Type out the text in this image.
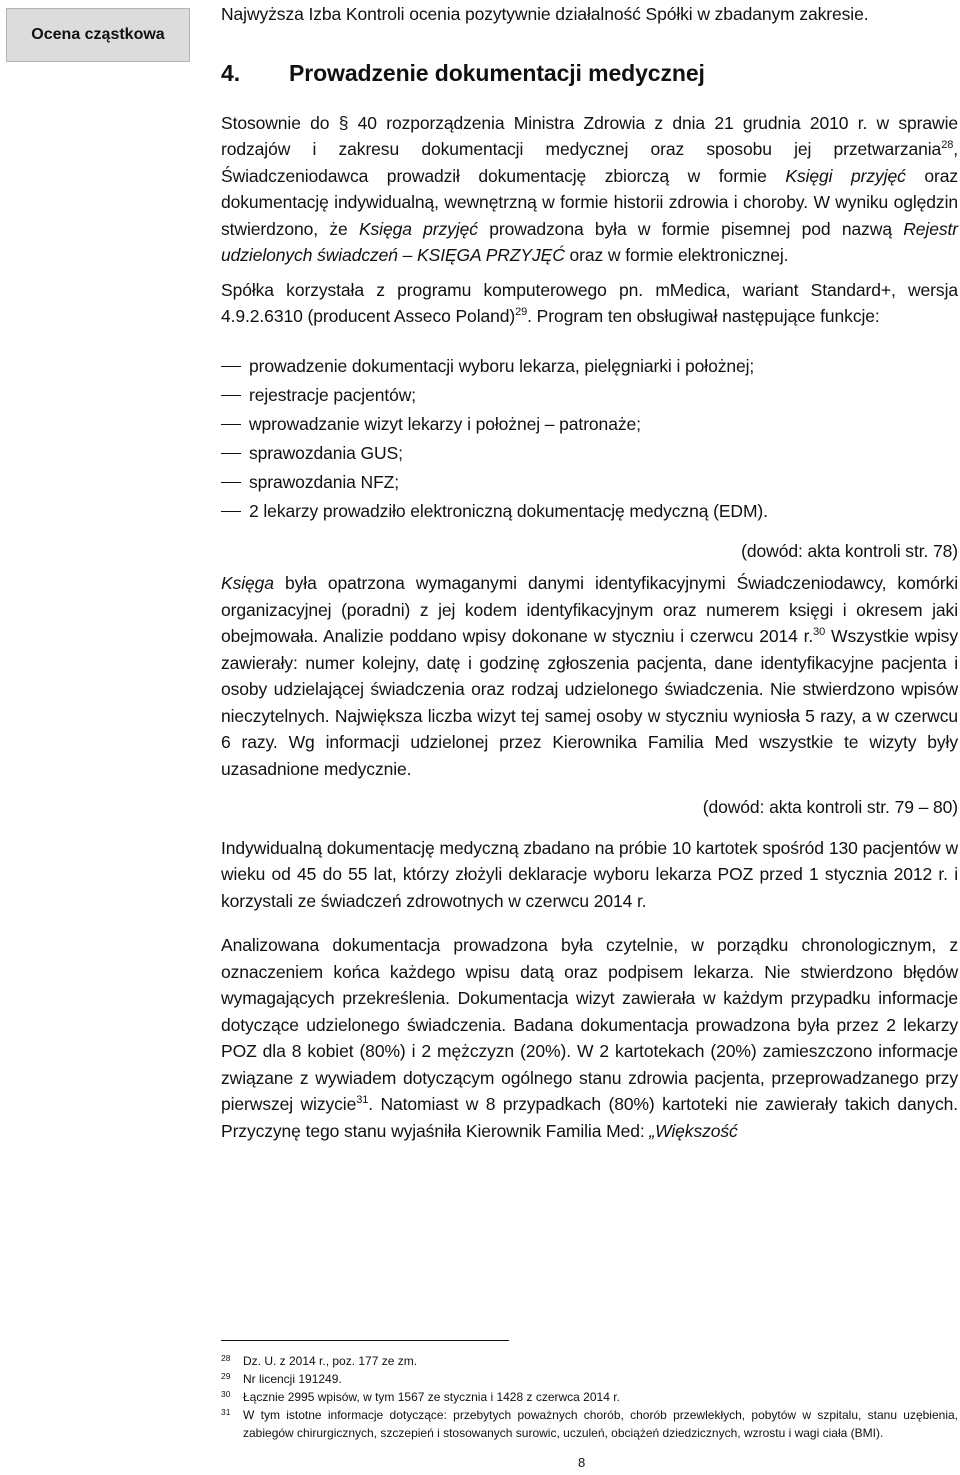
Ocena cząstkowa

Najwyższa Izba Kontroli ocenia pozytywnie działalność Spółki w zbadanym zakresie.

4. Prowadzenie dokumentacji medycznej

Stosownie do § 40 rozporządzenia Ministra Zdrowia z dnia 21 grudnia 2010 r. w sprawie rodzajów i zakresu dokumentacji medycznej oraz sposobu jej przetwarzania$^{28}$, Świadczeniodawca prowadził dokumentację zbiorczą w formie Księgi przyjęć oraz dokumentację indywidualną, wewnętrzną w formie historii zdrowia i choroby. W wyniku oględzin stwierdzono, że Księga przyjęć prowadzona była w formie pisemnej pod nazwą Rejestr udzielonych świadczeń – KSIĘGA PRZYJĘĆ oraz w formie elektronicznej.

Spółka korzystała z programu komputerowego pn. mMedica, wariant Standard+, wersja 4.9.2.6310 (producent Asseco Poland)$^{29}$. Program ten obsługiwał następujące funkcje:

prowadzenie dokumentacji wyboru lekarza, pielęgniarki i położnej;
rejestracje pacjentów;
wprowadzanie wizyt lekarzy i położnej – patronaże;
sprawozdania GUS;
sprawozdania NFZ;
2 lekarzy prowadziło elektroniczną dokumentację medyczną (EDM).

(dowód: akta kontroli str. 78)

Księga była opatrzona wymaganymi danymi identyfikacyjnymi Świadczeniodawcy, komórki organizacyjnej (poradni) z jej kodem identyfikacyjnym oraz numerem księgi i okresem jaki obejmowała. Analizie poddano wpisy dokonane w styczniu i czerwcu 2014 r.$^{30}$ Wszystkie wpisy zawierały: numer kolejny, datę i godzinę zgłoszenia pacjenta, dane identyfikacyjne pacjenta i osoby udzielającej świadczenia oraz rodzaj udzielonego świadczenia. Nie stwierdzono wpisów nieczytelnych. Największa liczba wizyt tej samej osoby w styczniu wyniosła 5 razy, a w czerwcu 6 razy. Wg informacji udzielonej przez Kierownika Familia Med wszystkie te wizyty były uzasadnione medycznie.

(dowód: akta kontroli str. 79 – 80)

Indywidualną dokumentację medyczną zbadano na próbie 10 kartotek spośród 130 pacjentów w wieku od 45 do 55 lat, którzy złożyli deklaracje wyboru lekarza POZ przed 1 stycznia 2012 r. i korzystali ze świadczeń zdrowotnych w czerwcu 2014 r.

Analizowana dokumentacja prowadzona była czytelnie, w porządku chronologicznym, z oznaczeniem końca każdego wpisu datą oraz podpisem lekarza. Nie stwierdzono błędów wymagających przekreślenia. Dokumentacja wizyt zawierała w każdym przypadku informacje dotyczące udzielonego świadczenia. Badana dokumentacja prowadzona była przez 2 lekarzy POZ dla 8 kobiet (80%) i 2 mężczyzn (20%). W 2 kartotekach (20%) zamieszczono informacje związane z wywiadem dotyczącym ogólnego stanu zdrowia pacjenta, przeprowadzanego przy pierwszej wizycie$^{31}$. Natomiast w 8 przypadkach (80%) kartoteki nie zawierały takich danych. Przyczynę tego stanu wyjaśniła Kierownik Familia Med: „Większość

28 Dz. U. z 2014 r., poz. 177 ze zm.
29 Nr licencji 191249.
30 Łącznie 2995 wpisów, w tym 1567 ze stycznia i 1428 z czerwca 2014 r.
31 W tym istotne informacje dotyczące: przebytych poważnych chorób, chorób przewlekłych, pobytów w szpitalu, stanu uzębienia, zabiegów chirurgicznych, szczepień i stosowanych surowic, uczuleń, obciążeń dziedzicznych, wzrostu i wagi ciała (BMI).
8
